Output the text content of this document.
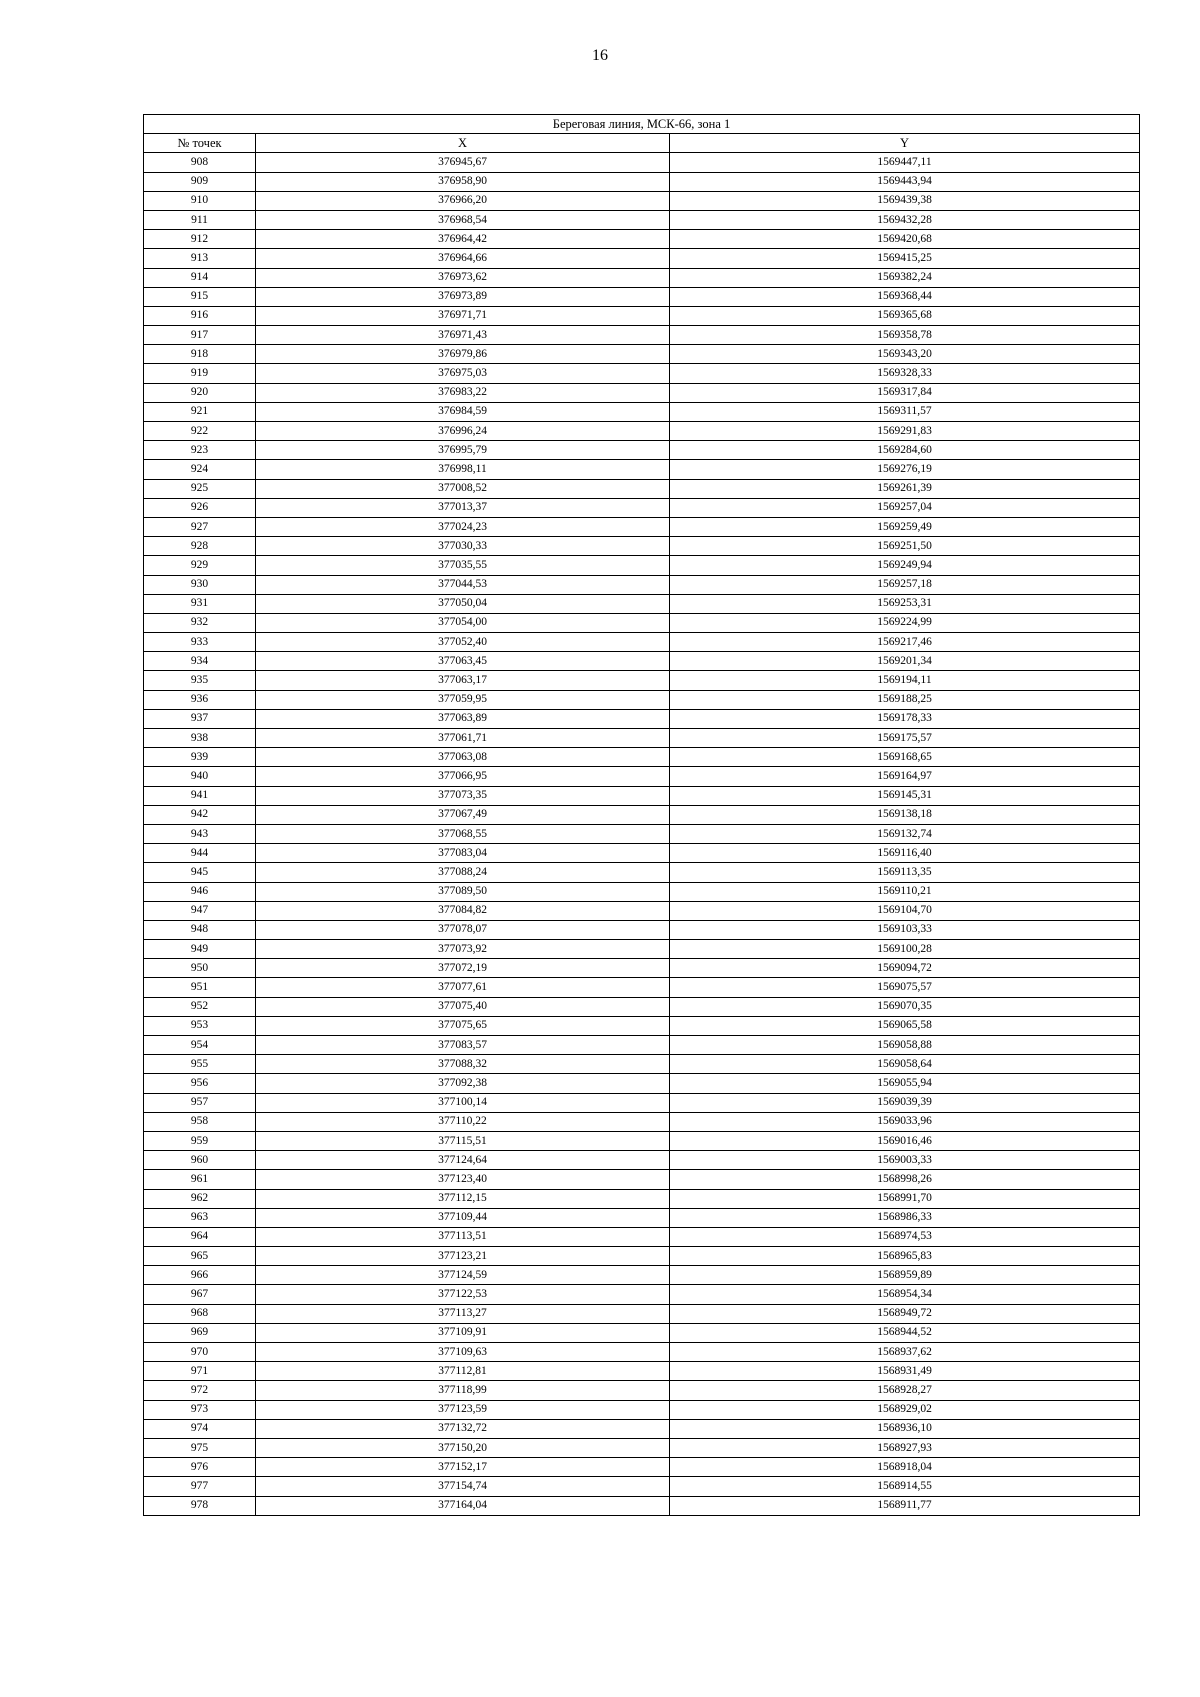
16
Береговая линия, МСК-66, зона 1		
№ точек	X	Y
908	376945,67	1569447,11
909	376958,90	1569443,94
910	376966,20	1569439,38
911	376968,54	1569432,28
912	376964,42	1569420,68
913	376964,66	1569415,25
914	376973,62	1569382,24
915	376973,89	1569368,44
916	376971,71	1569365,68
917	376971,43	1569358,78
918	376979,86	1569343,20
919	376975,03	1569328,33
920	376983,22	1569317,84
921	376984,59	1569311,57
922	376996,24	1569291,83
923	376995,79	1569284,60
924	376998,11	1569276,19
925	377008,52	1569261,39
926	377013,37	1569257,04
927	377024,23	1569259,49
928	377030,33	1569251,50
929	377035,55	1569249,94
930	377044,53	1569257,18
931	377050,04	1569253,31
932	377054,00	1569224,99
933	377052,40	1569217,46
934	377063,45	1569201,34
935	377063,17	1569194,11
936	377059,95	1569188,25
937	377063,89	1569178,33
938	377061,71	1569175,57
939	377063,08	1569168,65
940	377066,95	1569164,97
941	377073,35	1569145,31
942	377067,49	1569138,18
943	377068,55	1569132,74
944	377083,04	1569116,40
945	377088,24	1569113,35
946	377089,50	1569110,21
947	377084,82	1569104,70
948	377078,07	1569103,33
949	377073,92	1569100,28
950	377072,19	1569094,72
951	377077,61	1569075,57
952	377075,40	1569070,35
953	377075,65	1569065,58
954	377083,57	1569058,88
955	377088,32	1569058,64
956	377092,38	1569055,94
957	377100,14	1569039,39
958	377110,22	1569033,96
959	377115,51	1569016,46
960	377124,64	1569003,33
961	377123,40	1568998,26
962	377112,15	1568991,70
963	377109,44	1568986,33
964	377113,51	1568974,53
965	377123,21	1568965,83
966	377124,59	1568959,89
967	377122,53	1568954,34
968	377113,27	1568949,72
969	377109,91	1568944,52
970	377109,63	1568937,62
971	377112,81	1568931,49
972	377118,99	1568928,27
973	377123,59	1568929,02
974	377132,72	1568936,10
975	377150,20	1568927,93
976	377152,17	1568918,04
977	377154,74	1568914,55
978	377164,04	1568911,77
